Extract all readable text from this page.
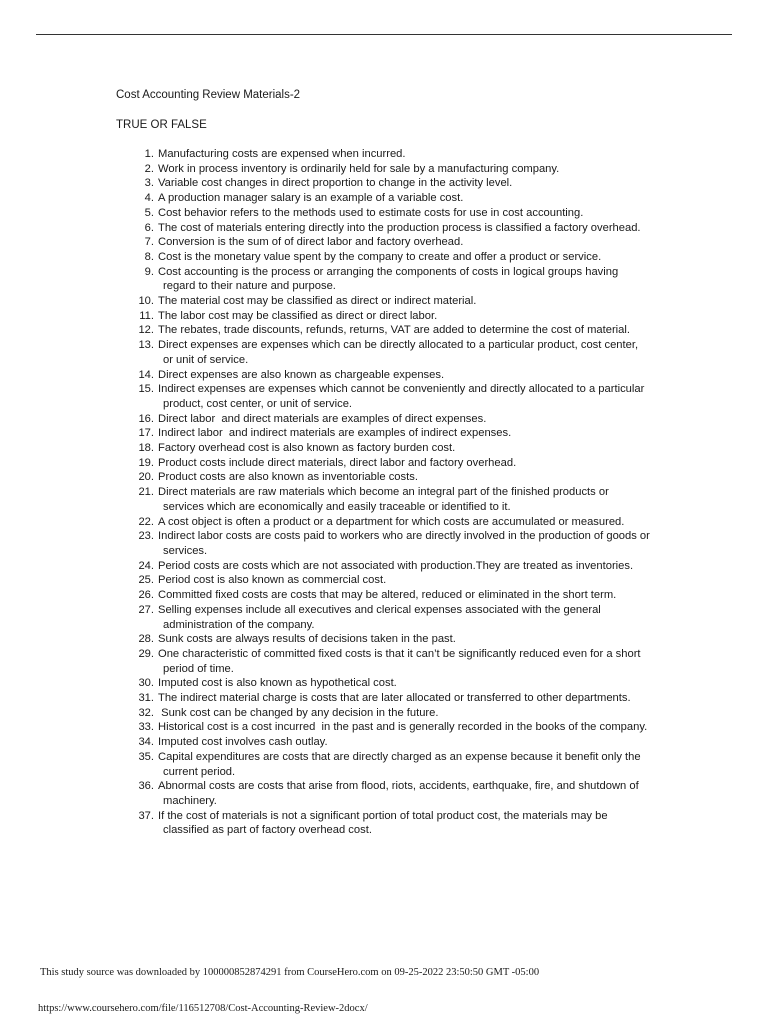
Cost Accounting Review Materials-2
TRUE OR FALSE
1. Manufacturing costs are expensed when incurred.
2. Work in process inventory is ordinarily held for sale by a manufacturing company.
3. Variable cost changes in direct proportion to change in the activity level.
4. A production manager salary is an example of a variable cost.
5. Cost behavior refers to the methods used to estimate costs for use in cost accounting.
6. The cost of materials entering directly into the production process is classified a factory overhead.
7. Conversion is the sum of of direct labor and factory overhead.
8. Cost is the monetary value spent by the company to create and offer a product or service.
9. Cost accounting is the process or arranging the components of costs in logical groups having regard to their nature and purpose.
10. The material cost may be classified as direct or indirect material.
11. The labor cost may be classified as direct or direct labor.
12. The rebates, trade discounts, refunds, returns, VAT are added to determine the cost of material.
13. Direct expenses are expenses which can be directly allocated to a particular product, cost center, or unit of service.
14. Direct expenses are also known as chargeable expenses.
15. Indirect expenses are expenses which cannot be conveniently and directly allocated to a particular product, cost center, or unit of service.
16. Direct labor  and direct materials are examples of direct expenses.
17. Indirect labor  and indirect materials are examples of indirect expenses.
18. Factory overhead cost is also known as factory burden cost.
19. Product costs include direct materials, direct labor and factory overhead.
20. Product costs are also known as inventoriable costs.
21. Direct materials are raw materials which become an integral part of the finished products or services which are economically and easily traceable or identified to it.
22. A cost object is often a product or a department for which costs are accumulated or measured.
23. Indirect labor costs are costs paid to workers who are directly involved in the production of goods or services.
24. Period costs are costs which are not associated with production.They are treated as inventories.
25. Period cost is also known as commercial cost.
26. Committed fixed costs are costs that may be altered, reduced or eliminated in the short term.
27. Selling expenses include all executives and clerical expenses associated with the general administration of the company.
28. Sunk costs are always results of decisions taken in the past.
29. One characteristic of committed fixed costs is that it can’t be significantly reduced even for a short period of time.
30. Imputed cost is also known as hypothetical cost.
31. The indirect material charge is costs that are later allocated or transferred to other departments.
32. Sunk cost can be changed by any decision in the future.
33. Historical cost is a cost incurred  in the past and is generally recorded in the books of the company.
34. Imputed cost involves cash outlay.
35. Capital expenditures are costs that are directly charged as an expense because it benefit only the current period.
36. Abnormal costs are costs that arise from flood, riots, accidents, earthquake, fire, and shutdown of machinery.
37. If the cost of materials is not a significant portion of total product cost, the materials may be classified as part of factory overhead cost.
This study source was downloaded by 100000852874291 from CourseHero.com on 09-25-2022 23:50:50 GMT -05:00
https://www.coursehero.com/file/116512708/Cost-Accounting-Review-2docx/
